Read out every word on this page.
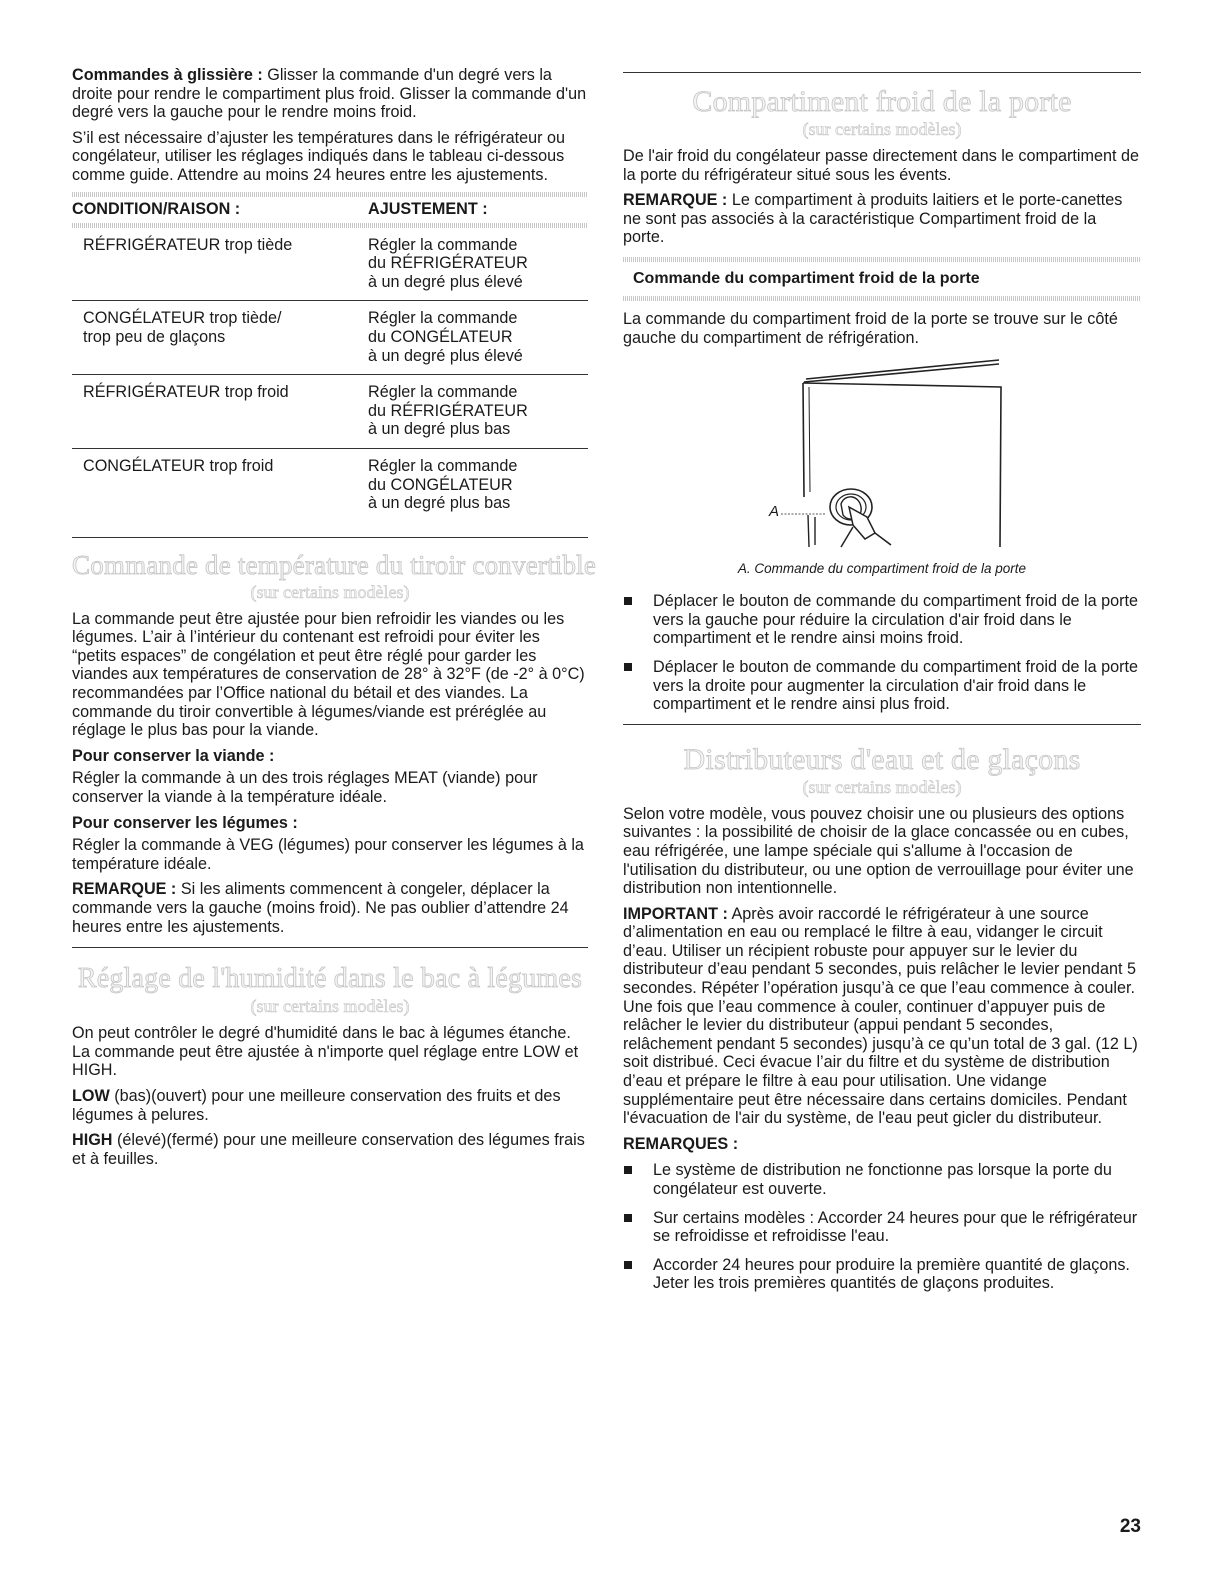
Commandes à glissière : Glisser la commande d'un degré vers la droite pour rendre le compartiment plus froid. Glisser la commande d'un degré vers la gauche pour le rendre moins froid.

S’il est nécessaire d’ajuster les températures dans le réfrigérateur ou congélateur, utiliser les réglages indiqués dans le tableau ci-dessous comme guide. Attendre au moins 24 heures entre les ajustements.

CONDITION/RAISON :	AJUSTEMENT :

RÉFRIGÉRATEUR trop tiède	Régler la commande
du RÉFRIGÉRATEUR
à un degré plus élevé
CONGÉLATEUR trop tiède/
trop peu de glaçons	Régler la commande
du CONGÉLATEUR
à un degré plus élevé
RÉFRIGÉRATEUR trop froid	Régler la commande
du RÉFRIGÉRATEUR
à un degré plus bas
CONGÉLATEUR trop froid	Régler la commande
du CONGÉLATEUR
à un degré plus bas
Commande de température du tiroir convertible
(sur certains modèles)

La commande peut être ajustée pour bien refroidir les viandes ou les légumes. L’air à l’intérieur du contenant est refroidi pour éviter les “petits espaces” de congélation et peut être réglé pour garder les viandes aux températures de conservation de 28° à 32°F (de -2° à 0°C) recommandées par l’Office national du bétail et des viandes. La commande du tiroir convertible à légumes/viande est préréglée au réglage le plus bas pour la viande.

Pour conserver la viande :

Régler la commande à un des trois réglages MEAT (viande) pour conserver la viande à la température idéale.

Pour conserver les légumes :

Régler la commande à VEG (légumes) pour conserver les légumes à la température idéale.

REMARQUE : Si les aliments commencent à congeler, déplacer la commande vers la gauche (moins froid). Ne pas oublier d’attendre 24 heures entre les ajustements.

Réglage de l'humidité dans le bac à légumes
(sur certains modèles)

On peut contrôler le degré d'humidité dans le bac à légumes étanche. La commande peut être ajustée à n'importe quel réglage entre LOW et HIGH.

LOW (bas)(ouvert) pour une meilleure conservation des fruits et des légumes à pelures.

HIGH (élevé)(fermé) pour une meilleure conservation des légumes frais et à feuilles.

Compartiment froid de la porte
(sur certains modèles)

De l'air froid du congélateur passe directement dans le compartiment de la porte du réfrigérateur situé sous les évents.

REMARQUE : Le compartiment à produits laitiers et le porte-canettes ne sont pas associés à la caractéristique Compartiment froid de la porte.

Commande du compartiment froid de la porte

La commande du compartiment froid de la porte se trouve sur le côté gauche du compartiment de réfrigération.

A
A. Commande du compartiment froid de la porte
Déplacer le bouton de commande du compartiment froid de la porte vers la gauche pour réduire la circulation d'air froid dans le compartiment et le rendre ainsi moins froid.
Déplacer le bouton de commande du compartiment froid de la porte vers la droite pour augmenter la circulation d'air froid dans le compartiment et le rendre ainsi plus froid.
Distributeurs d'eau et de glaçons
(sur certains modèles)

Selon votre modèle, vous pouvez choisir une ou plusieurs des options suivantes : la possibilité de choisir de la glace concassée ou en cubes, eau réfrigérée, une lampe spéciale qui s'allume à l'occasion de l'utilisation du distributeur, ou une option de verrouillage pour éviter une distribution non intentionnelle.

IMPORTANT : Après avoir raccordé le réfrigérateur à une source d’alimentation en eau ou remplacé le filtre à eau, vidanger le circuit d’eau. Utiliser un récipient robuste pour appuyer sur le levier du distributeur d’eau pendant 5 secondes, puis relâcher le levier pendant 5 secondes. Répéter l’opération jusqu’à ce que l’eau commence à couler. Une fois que l’eau commence à couler, continuer d’appuyer puis de relâcher le levier du distributeur (appui pendant 5 secondes, relâchement pendant 5 secondes) jusqu’à ce qu’un total de 3 gal. (12 L) soit distribué. Ceci évacue l’air du filtre et du système de distribution d’eau et prépare le filtre à eau pour utilisation. Une vidange supplémentaire peut être nécessaire dans certains domiciles. Pendant l'évacuation de l'air du système, de l'eau peut gicler du distributeur.

REMARQUES :

Le système de distribution ne fonctionne pas lorsque la porte du congélateur est ouverte.
Sur certains modèles : Accorder 24 heures pour que le réfrigérateur se refroidisse et refroidisse l'eau.
Accorder 24 heures pour produire la première quantité de glaçons. Jeter les trois premières quantités de glaçons produites.
23
